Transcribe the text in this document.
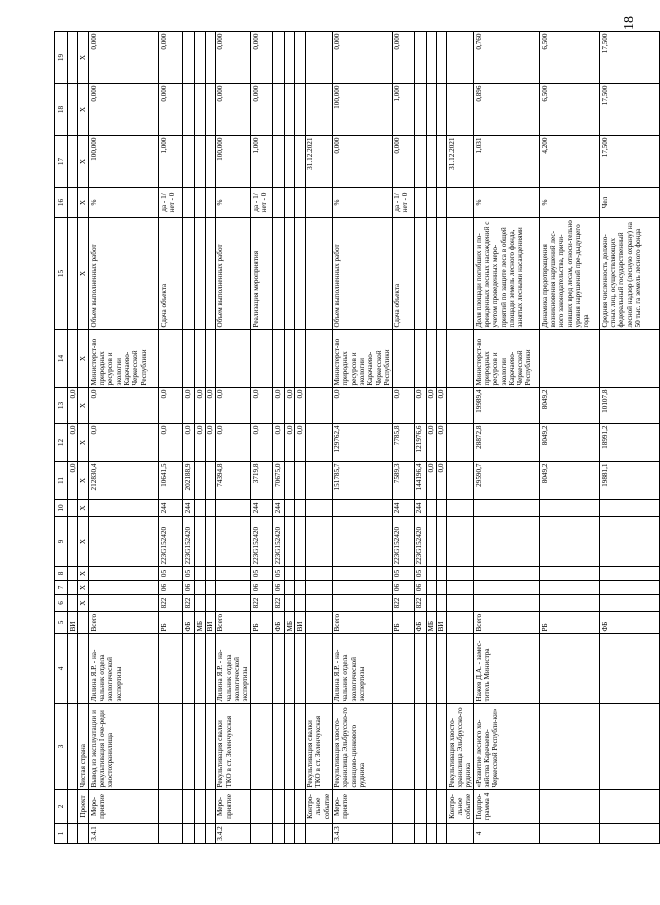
18
1	2	3	4	5	6	7	8	9	10	11	12	13	14	15	16	17	18	19
				ВИ						0,0	0,0	0,0						
	Проект	Чистая страна			X	X	X	X	X	X	X	X	X	X	X	X	X	X
3.4.1	Меро-приятие	Вывод из эксплуатации и рекультивация I оче-реди хвостохранилища	Лилина Я.Р. - на-чальник отдела экологической экспертизы	Всего						212830,4	0,0	0,0	Министерст-во природных ресурсов и экологии Карачаево-Черкесской Республики	Объем выполненных работ	%	100,000	0,000	0,000
				РБ	822	06	05	223G152420	244	10641,5	0,0	0,0		Сдача объекта	да - 1/ нет - 0	1,000	0,000	0,000
				ФБ	822	06	05	223G152420	244	202188,9	0,0	0,0						
				МБ							0,0	0,0						
				ВИ							0,0	0,0						
3.4.2	Меро-приятие	Рекультивация свалки ТКО в ст. Зеленчукская	Лилина Я.Р. - на-чальник отдела экологической экспертизы	Всего						74394,8	0,0	0,0		Объем выполненных работ	%	100,000	0,000	0,000
				РБ	822	06	05	223G152420	244	3719,8	0,0	0,0		Реализация мероприятия	да - 1/ нет - 0	1,000	0,000	0,000
				ФБ	822	06	05	223G152420	244	70675,0	0,0	0,0						
				МБ							0,0	0,0						
				ВИ							0,0	0,0						
	Контро-льное событие	Рекультивация свалки ТКО в ст. Зеленчукская														31.12.2021		
3.4.3	Меро-приятие	Рекультивация хвосто-хранилища Эльбрусско-го свинцово-цинкового рудника	Лилина Я.Р. - на-чальник отдела экологической экспертизы	Всего						151785,7	129762,4	0,0	Министерст-во природных ресурсов и экологии Карачаево-Черкесской Республики	Объем выполненных работ	%	0,000	100,000	0,000
				РБ	822	06	05	223G152420	244	7589,3	7785,8	0,0		Сдача объекта	да - 1/ нет - 0	0,000	1,000	0,000
				ФБ	822	06	05	223G152420	244	144196,4	121976,6	0,0						
				МБ						0,0	0,0	0,0						
				ВИ						0,0	0,0	0,0						
	Контро-льное событие	Рекультивация хвосто-хранилища Эльбрусско-го рудника														31.12.2021		
4	Подпро-грамма 4	«Развитие лесного хо-зяйства Карачаево-Черкесской Республи-ки»	Нажев Д.А. - замес-титель Министра	Всего						29590,7	28872,8	19989,4	Министерст-во природных ресурсов и экологии Карачаево-Черкесской Республики	Доля площади погибших и по-врежденных лесных насаждений с учетом проведенных меро-приятий по защите леса в общей площади земель лесного фонда, занятых лесными насаждениями	%	1,031	0,896	0,760
				РБ						8049,2	8049,2	8049,2		Динамика предотвращения возникновения нарушений лес-ного законодательства, причи-нивших вред лесам, относи-тельно уровня нарушений пре-дыдущего года	%	4,200	6,500	6,500
				ФБ						19881,1	18991,2	10107,8		Средняя численность должно-стных лиц, осуществляющих федеральный государственный лесной надзор (лесную охрану) на 50 тыс. га земель лесного фонда	Чел	17,500	17,500	17,500
